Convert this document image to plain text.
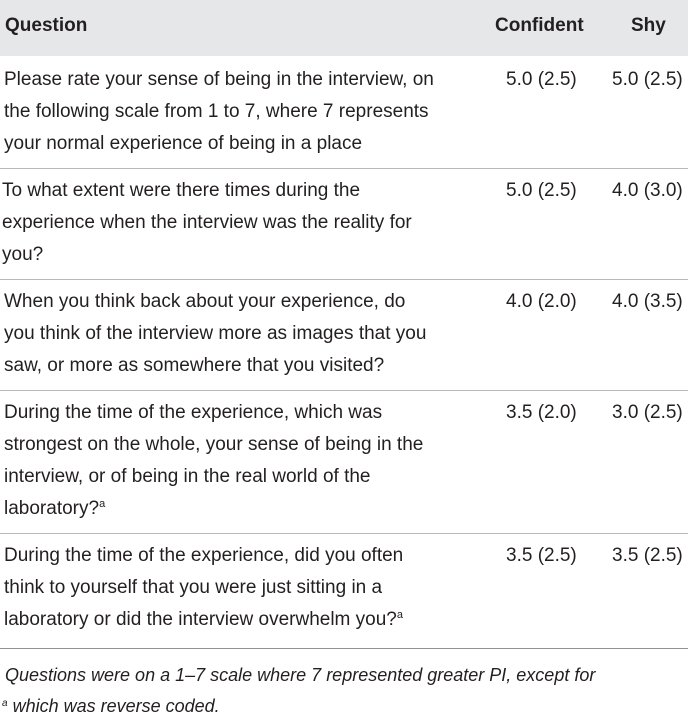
Question	Confident Shy
Please rate your sense of being in the interview, on
the following scale from 1 to 7, where 7 represents
your normal experience of being in a place
5.0 (2.5) 5.0 (2.5)
To what extent were there times during the
experience when the interview was the reality for
you?
5.0 (2.5) 4.0 (3.0)
When you think back about your experience, do
you think of the interview more as images that you
saw, or more as somewhere that you visited?
4.0 (2.0) 4.0 (3.5)
During the time of the experience, which was
strongest on the whole, your sense of being in the
interview, or of being in the real world of the
laboratory?$^a$
3.5 (2.0) 3.0 (2.5)
During the time of the experience, did you often
think to yourself that you were just sitting in a
laboratory or did the interview overwhelm you?$^a$
3.5 (2.5) 3.5 (2.5)
Questions were on a 1–7 scale where 7 represented greater PI, except for
$^a$ which was reverse coded.
